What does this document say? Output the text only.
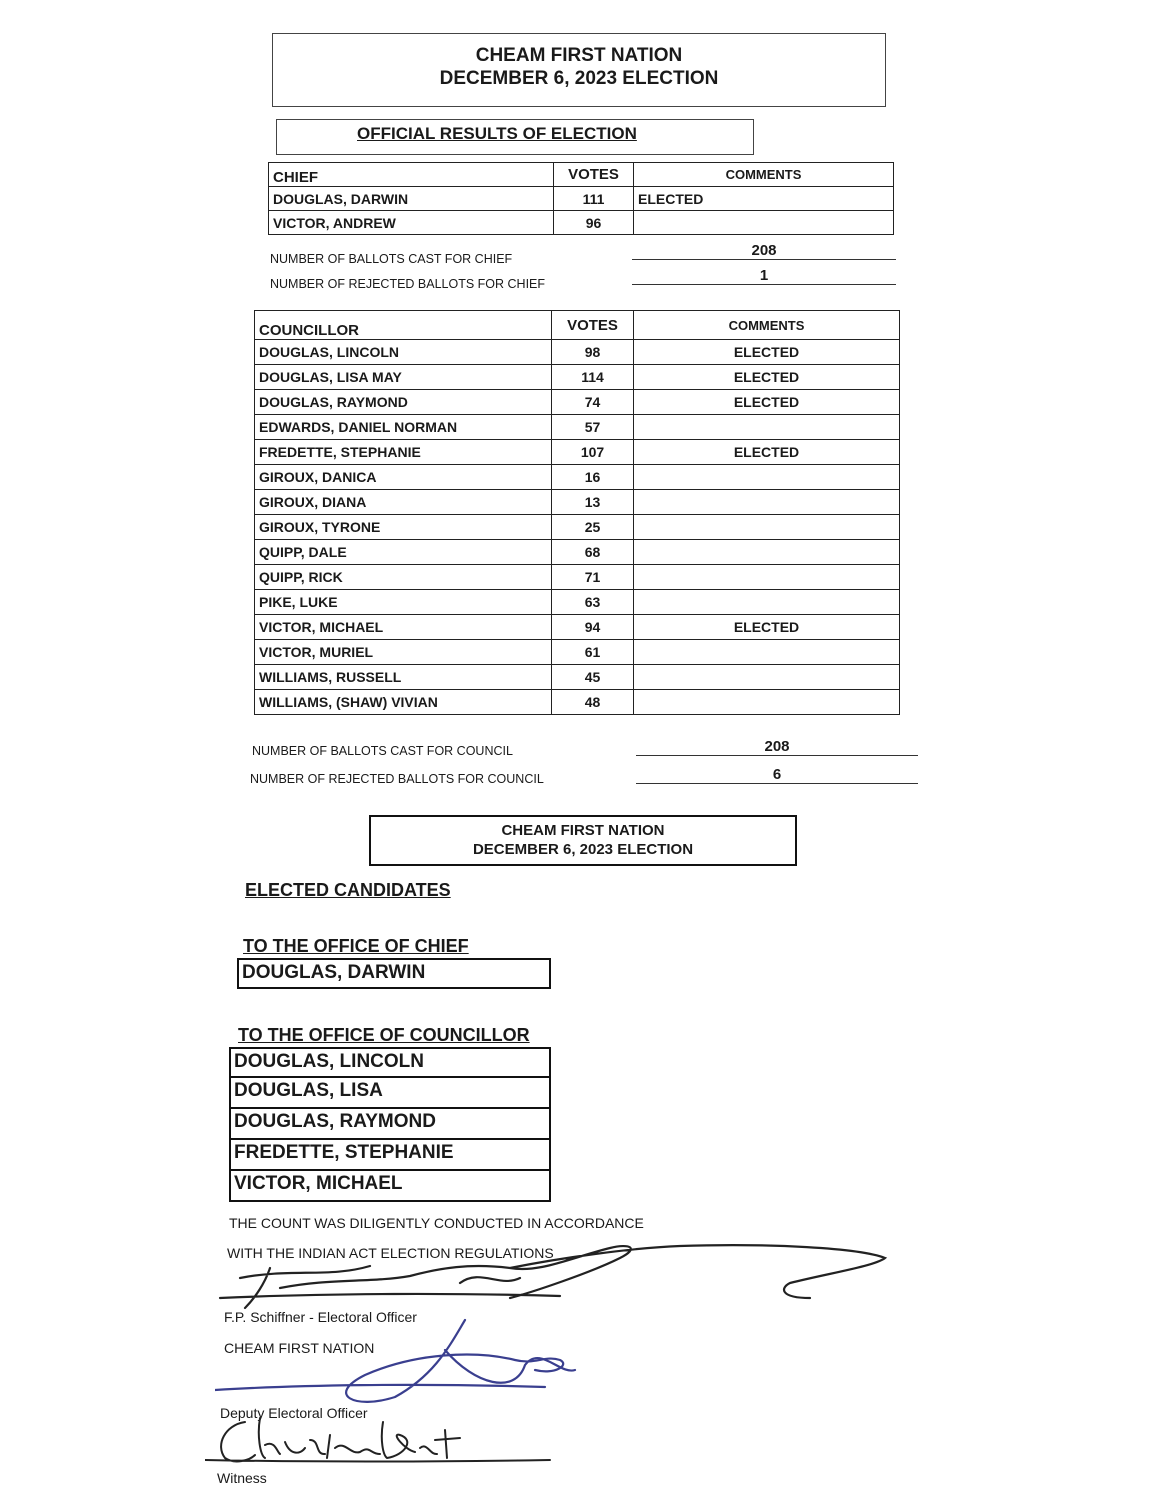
CHEAM FIRST NATION
DECEMBER 6, 2023 ELECTION
OFFICIAL RESULTS OF ELECTION
CHIEF	VOTES	COMMENTS
DOUGLAS, DARWIN	111	ELECTED
VICTOR, ANDREW	96	
NUMBER OF BALLOTS CAST FOR CHIEF	208
NUMBER OF REJECTED BALLOTS FOR CHIEF	1
COUNCILLOR	VOTES	COMMENTS
DOUGLAS, LINCOLN	98	ELECTED
DOUGLAS, LISA MAY	114	ELECTED
DOUGLAS, RAYMOND	74	ELECTED
EDWARDS, DANIEL NORMAN	57	
FREDETTE, STEPHANIE	107	ELECTED
GIROUX, DANICA	16	
GIROUX, DIANA	13	
GIROUX, TYRONE	25	
QUIPP, DALE	68	
QUIPP, RICK	71	
PIKE, LUKE	63	
VICTOR, MICHAEL	94	ELECTED
VICTOR, MURIEL	61	
WILLIAMS, RUSSELL	45	
WILLIAMS, (SHAW) VIVIAN	48	
NUMBER OF BALLOTS CAST FOR COUNCIL	208
NUMBER OF REJECTED BALLOTS FOR COUNCIL	6
CHEAM FIRST NATION
DECEMBER 6, 2023 ELECTION
ELECTED CANDIDATES
TO THE OFFICE OF CHIEF
DOUGLAS, DARWIN
TO THE OFFICE OF COUNCILLOR
DOUGLAS, LINCOLN
DOUGLAS, LISA
DOUGLAS, RAYMOND
FREDETTE, STEPHANIE
VICTOR, MICHAEL
THE COUNT WAS DILIGENTLY CONDUCTED IN ACCORDANCE
WITH THE INDIAN ACT ELECTION REGULATIONS
F.P. Schiffner - Electoral Officer
CHEAM FIRST NATION
Deputy Electoral Officer
Witness
